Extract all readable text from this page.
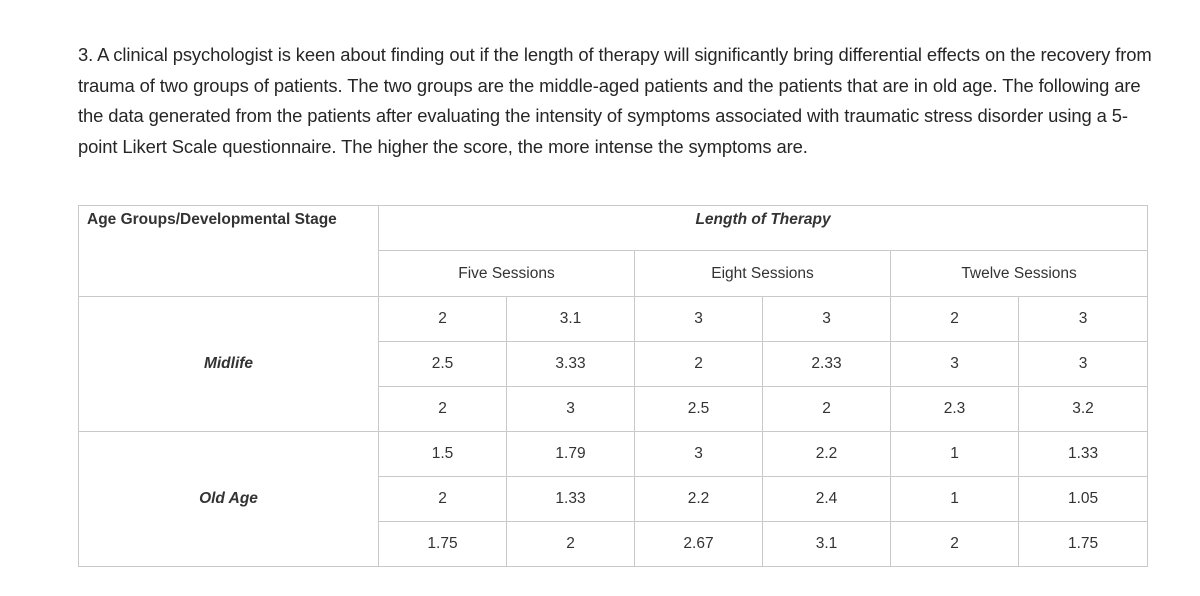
3. A clinical psychologist is keen about finding out if the length of therapy will significantly bring differential effects on the recovery from trauma of two groups of patients. The two groups are the middle-aged patients and the patients that are in old age. The following are the data generated from the patients after evaluating the intensity of symptoms associated with traumatic stress disorder using a 5-point Likert Scale questionnaire. The higher the score, the more intense the symptoms are.

Age Groups/Developmental Stage	Length of Therapy					
	Five Sessions		Eight Sessions		Twelve Sessions	
Midlife	2	3.1	3	3	2	3
	2.5	3.33	2	2.33	3	3
	2	3	2.5	2	2.3	3.2
Old Age	1.5	1.79	3	2.2	1	1.33
	2	1.33	2.2	2.4	1	1.05
	1.75	2	2.67	3.1	2	1.75
